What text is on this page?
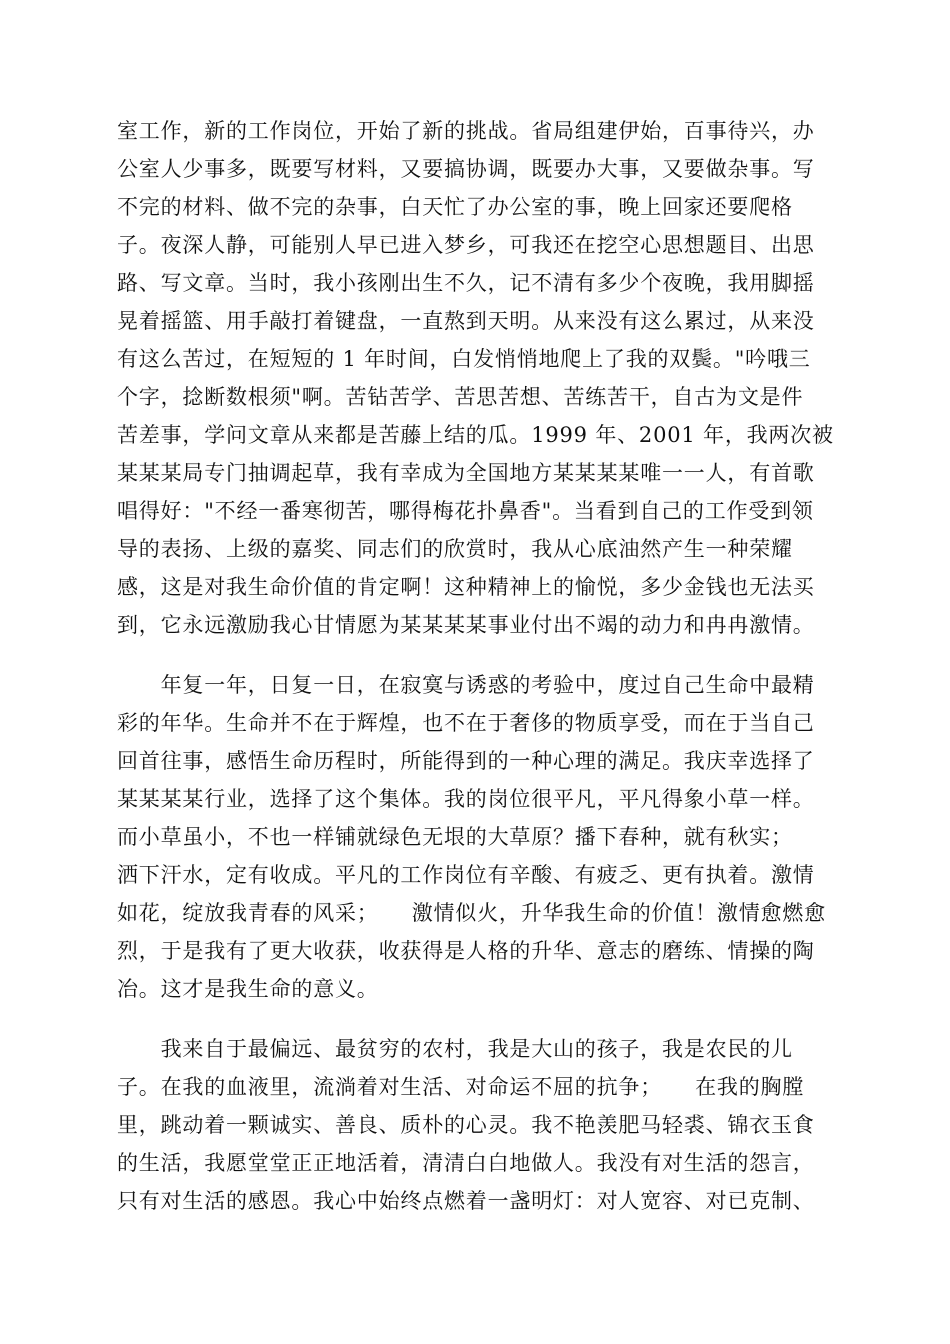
室工作，新的工作岗位，开始了新的挑战。省局组建伊始，百事待兴，办
公室人少事多，既要写材料，又要搞协调，既要办大事，又要做杂事。写
不完的材料、做不完的杂事，白天忙了办公室的事，晚上回家还要爬格
子。夜深人静，可能别人早已进入梦乡，可我还在挖空心思想题目、出思
路、写文章。当时，我小孩刚出生不久，记不清有多少个夜晚，我用脚摇
晃着摇篮、用手敲打着键盘，一直熬到天明。从来没有这么累过，从来没
有这么苦过，在短短的 1 年时间，白发悄悄地爬上了我的双鬓。"吟哦三
个字，捻断数根须"啊。苦钻苦学、苦思苦想、苦练苦干，自古为文是件
苦差事，学问文章从来都是苦藤上结的瓜。1999 年、2001 年，我两次被
某某某局专门抽调起草，我有幸成为全国地方某某某某唯一一人，有首歌
唱得好："不经一番寒彻苦，哪得梅花扑鼻香"。当看到自己的工作受到领
导的表扬、上级的嘉奖、同志们的欣赏时，我从心底油然产生一种荣耀
感，这是对我生命价值的肯定啊！这种精神上的愉悦，多少金钱也无法买
到，它永远激励我心甘情愿为某某某某事业付出不竭的动力和冉冉激情。
　　年复一年，日复一日，在寂寞与诱惑的考验中，度过自己生命中最精
彩的年华。生命并不在于辉煌，也不在于奢侈的物质享受，而在于当自己
回首往事，感悟生命历程时，所能得到的一种心理的满足。我庆幸选择了
某某某某行业，选择了这个集体。我的岗位很平凡，平凡得象小草一样。
而小草虽小，不也一样铺就绿色无垠的大草原？播下春种，就有秋实；
洒下汗水，定有收成。平凡的工作岗位有辛酸、有疲乏、更有执着。激情
如花，绽放我青春的风采；　　激情似火，升华我生命的价值！激情愈燃愈
烈，于是我有了更大收获，收获得是人格的升华、意志的磨练、情操的陶
冶。这才是我生命的意义。
　　我来自于最偏远、最贫穷的农村，我是大山的孩子，我是农民的儿
子。在我的血液里，流淌着对生活、对命运不屈的抗争；　　在我的胸膛
里，跳动着一颗诚实、善良、质朴的心灵。我不艳羡肥马轻裘、锦衣玉食
的生活，我愿堂堂正正地活着，清清白白地做人。我没有对生活的怨言，
只有对生活的感恩。我心中始终点燃着一盏明灯：对人宽容、对已克制、
